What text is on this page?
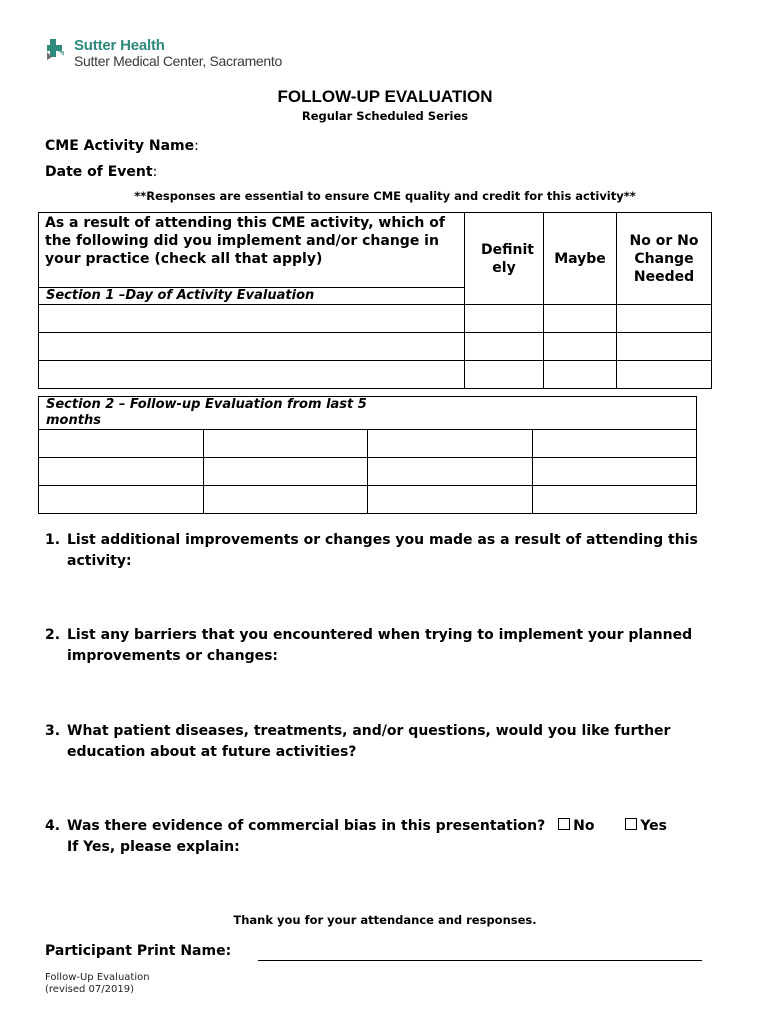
Sutter Health
Sutter Medical Center, Sacramento
FOLLOW-UP EVALUATION
Regular Scheduled Series
CME Activity Name:
Date of Event:
**Responses are essential to ensure CME quality and credit for this activity**
As a result of attending this CME activity, which of the following did you implement and/or change in your practice (check all that apply)	Definit ely	Maybe	No or No Change Needed

Section 1 –Day of Activity Evaluation			

Section 2 – Follow-up Evaluation from last 5 months			

1. List additional improvements or changes you made as a result of attending this activity:
2. List any barriers that you encountered when trying to implement your planned improvements or changes:
3. What patient diseases, treatments, and/or questions, would you like further education about at future activities?
4. Was there evidence of commercial bias in this presentation? No	Yes
If Yes, please explain:
Thank you for your attendance and responses.
Participant Print Name:
Follow-Up Evaluation
(revised 07/2019)
